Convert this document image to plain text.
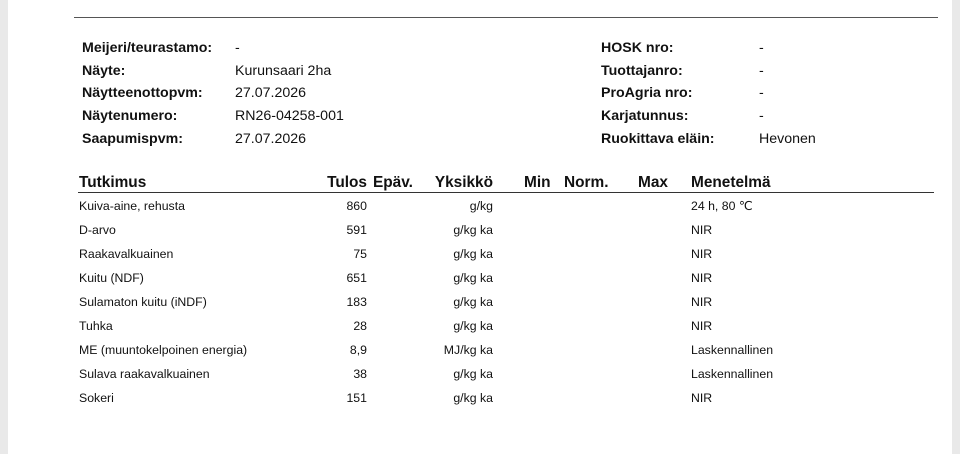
Meijeri/teurastamo: -
Näyte:	Kurunsaari 2ha
Näytteenottopvm: 27.07.2026
Näytenumero:	RN26-04258-001
Saapumispvm:	27.07.2026
HOSK nro:	-
Tuottajanro:	-
ProAgria nro:	-
Karjatunnus:	-
Ruokittava eläin:	Hevonen
Tutkimus	Tulos Epäv. Yksikkö Min Norm. Max Menetelmä
Kuiva-aine, rehusta	860	g/kg	24 h, 80 ℃
D-arvo	591	g/kg ka	NIR
Raakavalkuainen	75	g/kg ka	NIR
Kuitu (NDF)	651	g/kg ka	NIR
Sulamaton kuitu (iNDF)	183	g/kg ka	NIR
Tuhka	28	g/kg ka	NIR
ME (muuntokelpoinen energia)	8,9	MJ/kg ka	Laskennallinen
Sulava raakavalkuainen	38	g/kg ka	Laskennallinen
Sokeri	151	g/kg ka	NIR
